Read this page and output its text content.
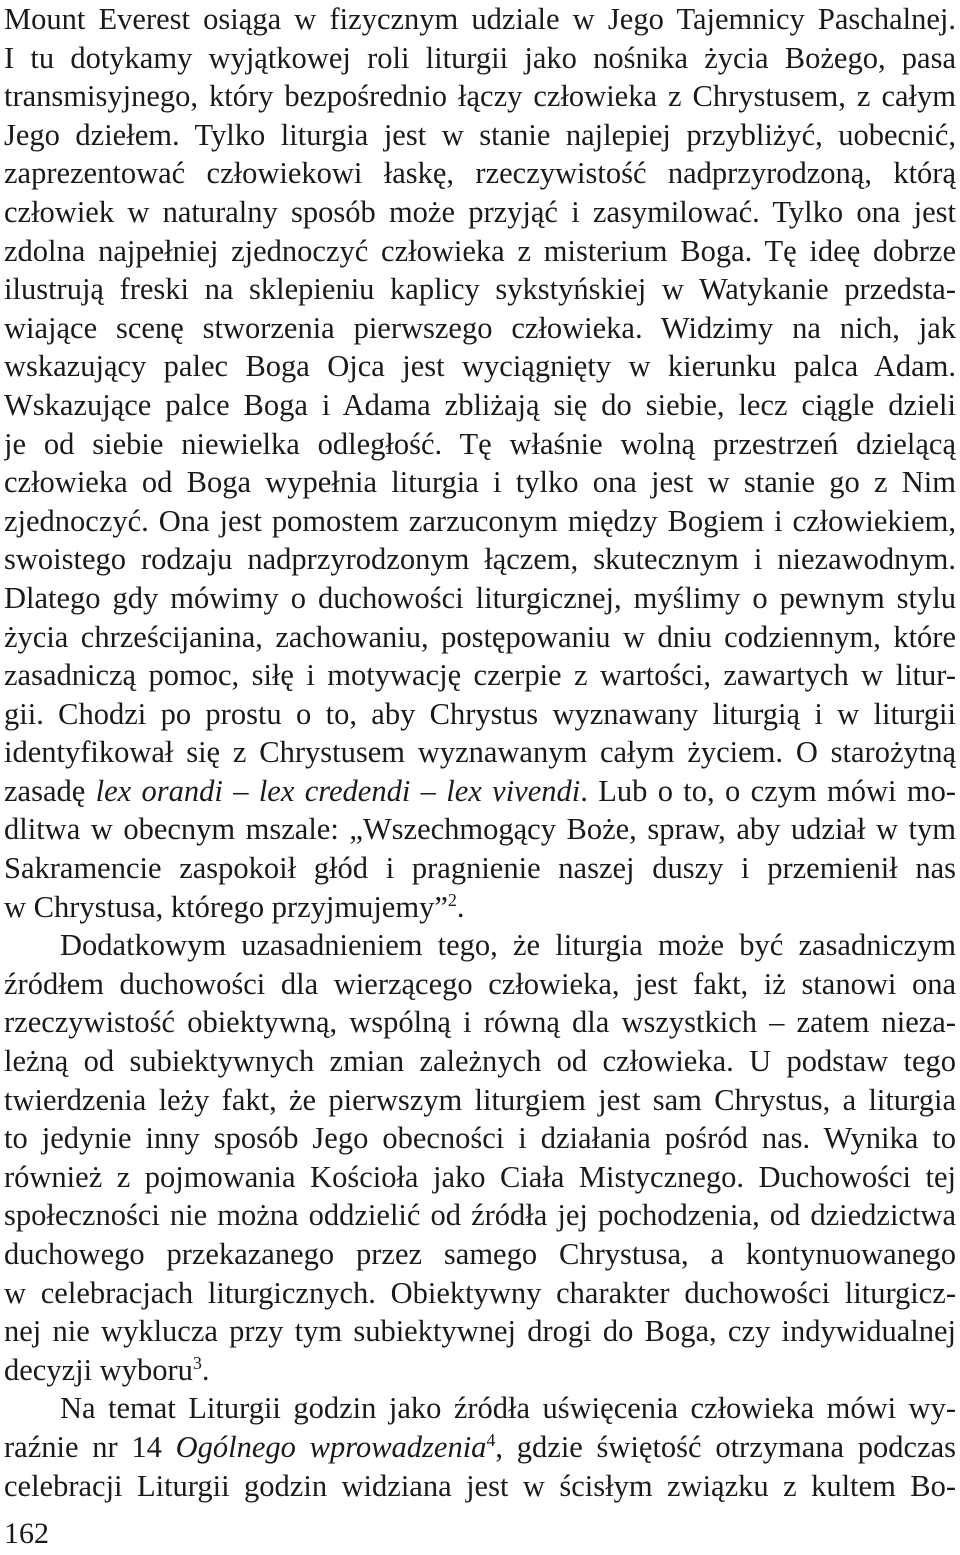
Mount Everest osiąga w fizycznym udziale w Jego Tajemnicy Paschalnej.
I tu dotykamy wyjątkowej roli liturgii jako nośnika życia Bożego, pasa
transmisyjnego, który bezpośrednio łączy człowieka z Chrystusem, z całym
Jego dziełem. Tylko liturgia jest w stanie najlepiej przybliżyć, uobecnić,
zaprezentować człowiekowi łaskę, rzeczywistość nadprzyrodzoną, którą
człowiek w naturalny sposób może przyjąć i zasymilować. Tylko ona jest
zdolna najpełniej zjednoczyć człowieka z misterium Boga. Tę ideę dobrze
ilustrują freski na sklepieniu kaplicy sykstyńskiej w Watykanie przedsta-
wiające scenę stworzenia pierwszego człowieka. Widzimy na nich, jak
wskazujący palec Boga Ojca jest wyciągnięty w kierunku palca Adam.
Wskazujące palce Boga i Adama zbliżają się do siebie, lecz ciągle dzieli
je od siebie niewielka odległość. Tę właśnie wolną przestrzeń dzielącą
człowieka od Boga wypełnia liturgia i tylko ona jest w stanie go z Nim
zjednoczyć. Ona jest pomostem zarzuconym między Bogiem i człowiekiem,
swoistego rodzaju nadprzyrodzonym łączem, skutecznym i niezawodnym.
Dlatego gdy mówimy o duchowości liturgicznej, myślimy o pewnym stylu
życia chrześcijanina, zachowaniu, postępowaniu w dniu codziennym, które
zasadniczą pomoc, siłę i motywację czerpie z wartości, zawartych w litur-
gii. Chodzi po prostu o to, aby Chrystus wyznawany liturgią i w liturgii
identyfikował się z Chrystusem wyznawanym całym życiem. O starożytną
zasadę lex orandi – lex credendi – lex vivendi. Lub o to, o czym mówi mo-
dlitwa w obecnym mszale: „Wszechmogący Boże, spraw, aby udział w tym
Sakramencie zaspokoił głód i pragnienie naszej duszy i przemienił nas
w Chrystusa, którego przyjmujemy”$^2$.
Dodatkowym uzasadnieniem tego, że liturgia może być zasadniczym
źródłem duchowości dla wierzącego człowieka, jest fakt, iż stanowi ona
rzeczywistość obiektywną, wspólną i równą dla wszystkich – zatem nieza-
leżną od subiektywnych zmian zależnych od człowieka. U podstaw tego
twierdzenia leży fakt, że pierwszym liturgiem jest sam Chrystus, a liturgia
to jedynie inny sposób Jego obecności i działania pośród nas. Wynika to
również z pojmowania Kościoła jako Ciała Mistycznego. Duchowości tej
społeczności nie można oddzielić od źródła jej pochodzenia, od dziedzictwa
duchowego przekazanego przez samego Chrystusa, a kontynuowanego
w celebracjach liturgicznych. Obiektywny charakter duchowości liturgicz-
nej nie wyklucza przy tym subiektywnej drogi do Boga, czy indywidualnej
decyzji wyboru$^3$.
Na temat Liturgii godzin jako źródła uświęcenia człowieka mówi wy-
raźnie nr 14 Ogólnego wprowadzenia$^4$, gdzie świętość otrzymana podczas
celebracji Liturgii godzin widziana jest w ścisłym związku z kultem Bo-
162
